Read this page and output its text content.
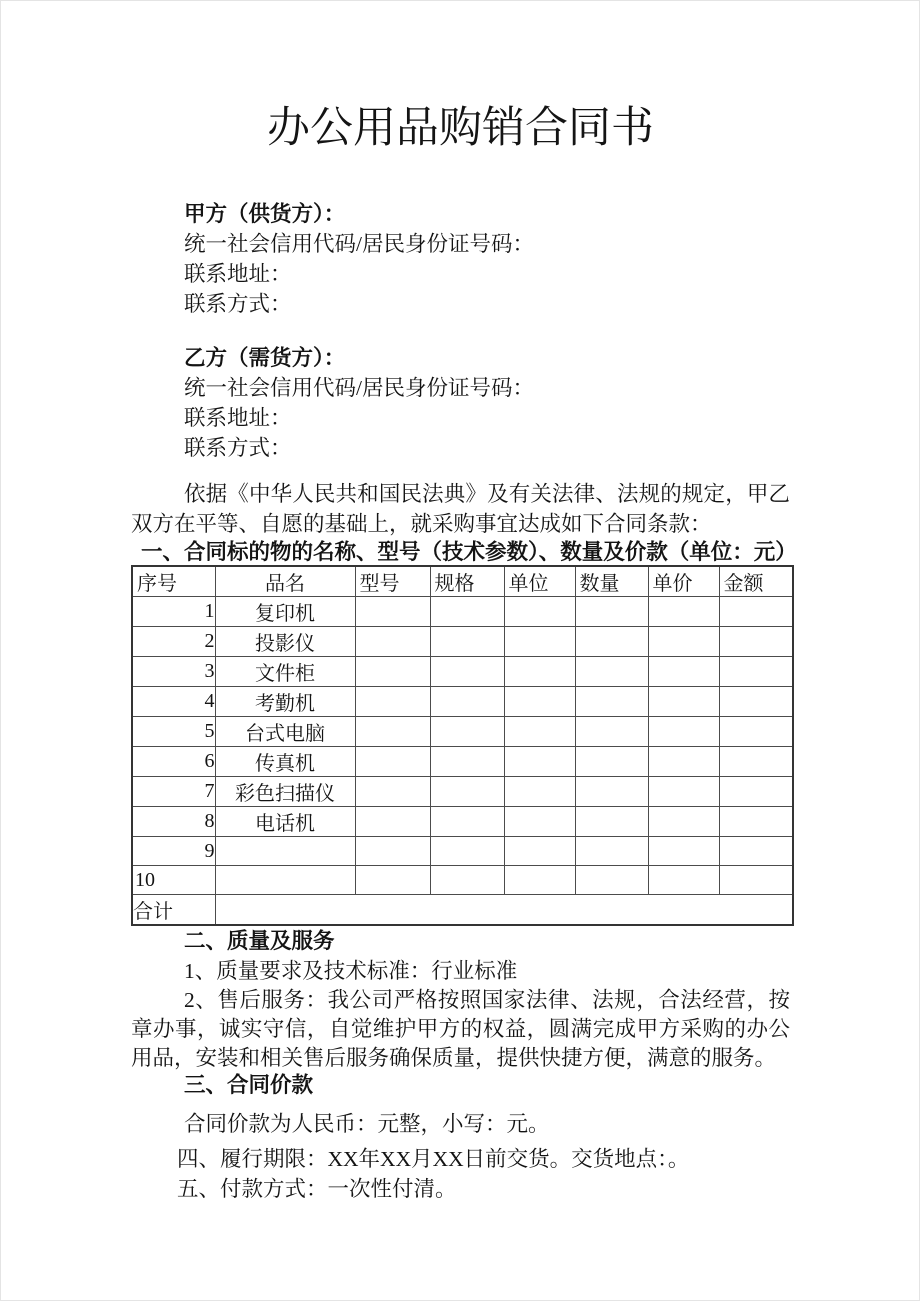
办公用品购销合同书

甲方（供货方）：

统一社会信用代码/居民身份证号码：

联系地址：

联系方式：

乙方（需货方）：

统一社会信用代码/居民身份证号码：

联系地址：

联系方式：

依据《中华人民共和国民法典》及有关法律、法规的规定，甲乙双方在平等、自愿的基础上，就采购事宜达成如下合同条款：

一、合同标的物的名称、型号（技术参数）、数量及价款（单位：元）

序号	品名	型号	规格	单位	数量	单价	金额
1	复印机						
2	投影仪						
3	文件柜						
4	考勤机						
5	台式电脑						
6	传真机						
7	彩色扫描仪						
8	电话机						
9							
10							
合计							

二、质量及服务

1、质量要求及技术标准：行业标准

2、售后服务：我公司严格按照国家法律、法规，合法经营，按章办事，诚实守信，自觉维护甲方的权益，圆满完成甲方采购的办公用品，安装和相关售后服务确保质量，提供快捷方便，满意的服务。

三、合同价款

合同价款为人民币：元整，小写：元。

四、履行期限：XX年XX月XX日前交货。交货地点：。

五、付款方式：一次性付清。
